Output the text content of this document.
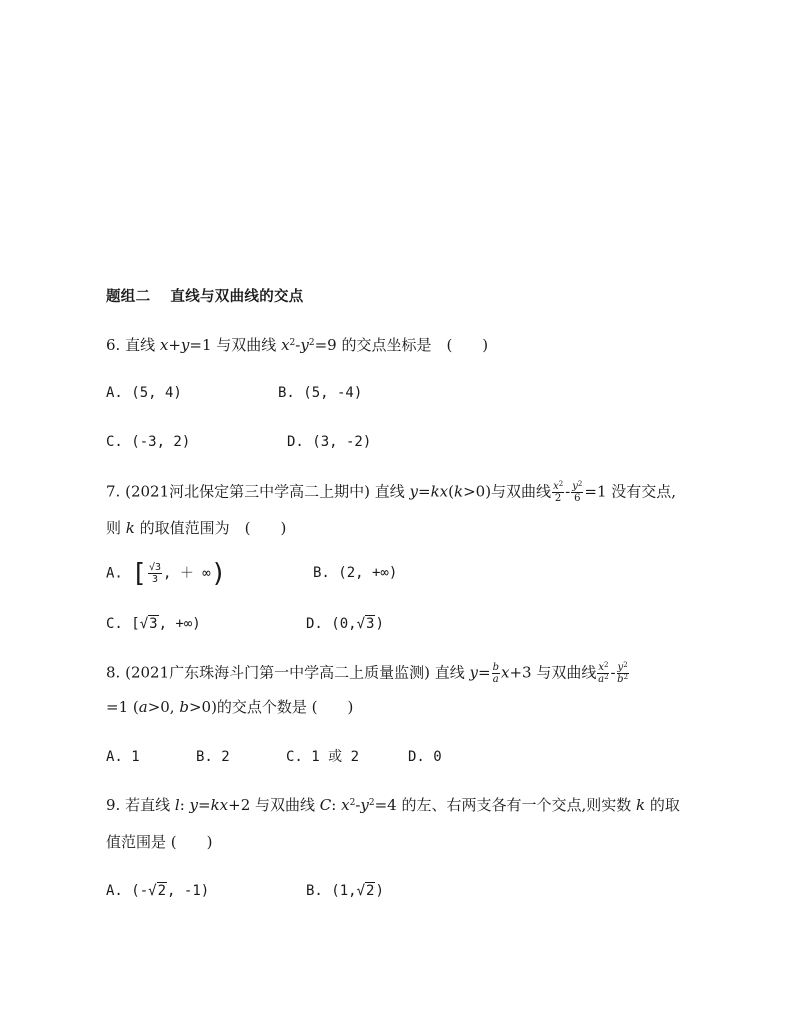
题组二 直线与双曲线的交点
6. 直线 x+y=1 与双曲线 $x^2-y^2=9$ 的交点坐标是　(　　)
A. (5, 4)	B. (5, -4)
C. (-3, 2)	D. (3, -2)
7. (2021河北保定第三中学高二上期中) 直线 y=kx(k>0)与双曲线 $\frac{x^2}{2} - \frac{y^2}{6} =1$ 没有交点,
则 k 的取值范围为　(　　)
A. [ $\frac{√3}{3}$ , ＋ ∞)	B. (2, +∞)
C. [√3, +∞)	D. (0,√3)
8. (2021广东珠海斗门第一中学高二上质量监测) 直线 $y= \frac{b}{a} x+3$ 与双曲线 $\frac{x^2}{a^2} - \frac{y^2}{b^2}$
=1 (a>0, b>0)的交点个数是 (　　)
A. 1	B. 2	C. 1 或 2	D. 0
9. 若直线 l: y=kx+2 与双曲线 C: $x^2-y^2=4$ 的左、右两支各有一个交点,则实数 k 的取
值范围是 (　　)
A. (-√2, -1)	B. (1,√2)
